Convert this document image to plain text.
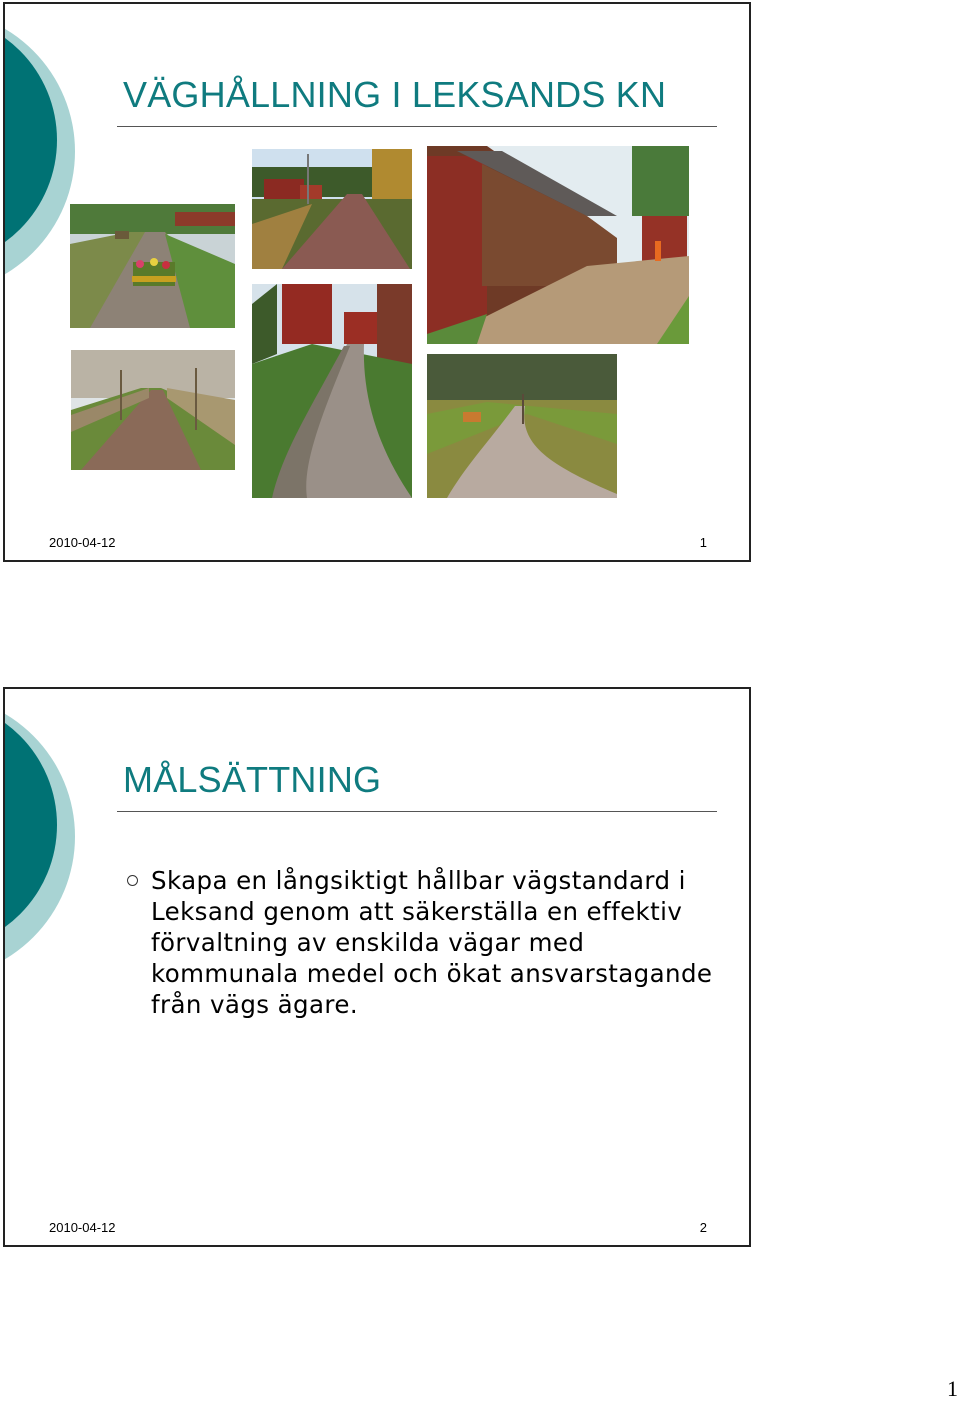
VÄGHÅLLNING I LEKSANDS KN
2010-04-12	1
MÅLSÄTTNING
Skapa en långsiktigt hållbar vägstandard i Leksand genom att säkerställa en effektiv förvaltning av enskilda vägar med kommunala medel och ökat ansvarstagande från vägs ägare.
2010-04-12	2
1
